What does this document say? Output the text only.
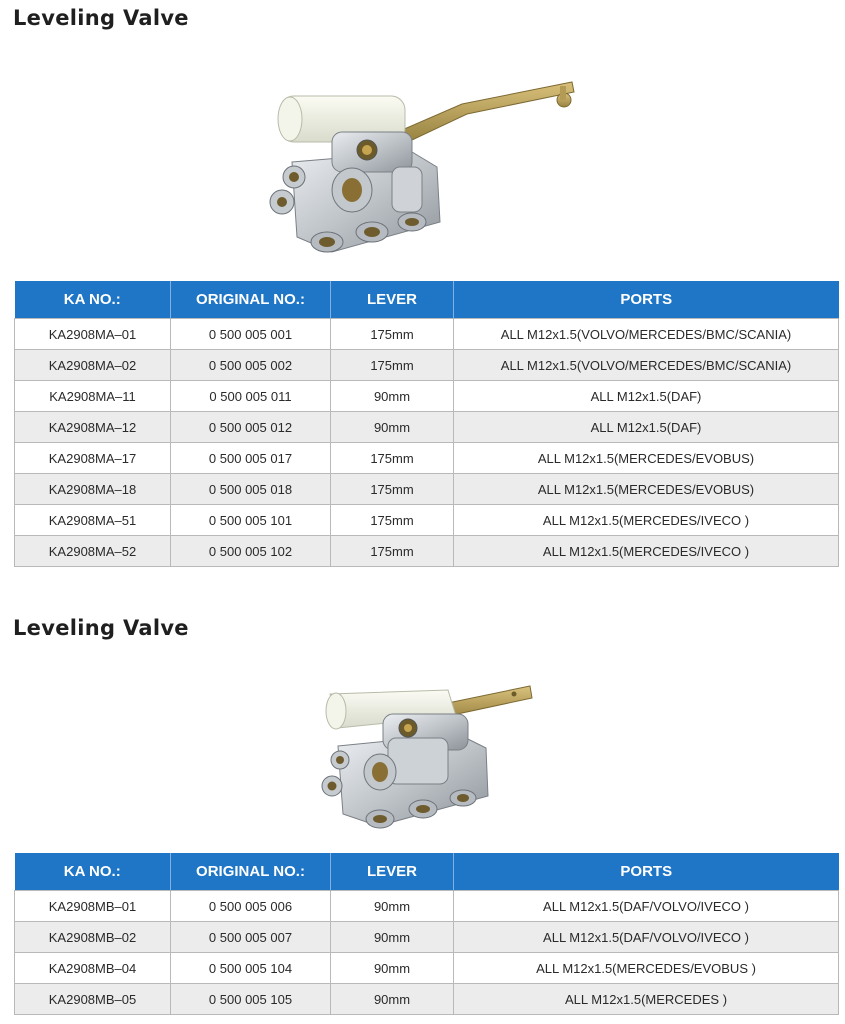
Leveling Valve
KA NO.:	ORIGINAL NO.:	LEVER	PORTS
KA2908MA–01	0 500 005 001	175mm	ALL M12x1.5(VOLVO/MERCEDES/BMC/SCANIA)
KA2908MA–02	0 500 005 002	175mm	ALL M12x1.5(VOLVO/MERCEDES/BMC/SCANIA)
KA2908MA–11	0 500 005 011	90mm	ALL M12x1.5(DAF)
KA2908MA–12	0 500 005 012	90mm	ALL M12x1.5(DAF)
KA2908MA–17	0 500 005 017	175mm	ALL M12x1.5(MERCEDES/EVOBUS)
KA2908MA–18	0 500 005 018	175mm	ALL M12x1.5(MERCEDES/EVOBUS)
KA2908MA–51	0 500 005 101	175mm	ALL M12x1.5(MERCEDES/IVECO )
KA2908MA–52	0 500 005 102	175mm	ALL M12x1.5(MERCEDES/IVECO )
Leveling Valve
KA NO.:	ORIGINAL NO.:	LEVER	PORTS
KA2908MB–01	0 500 005 006	90mm	ALL M12x1.5(DAF/VOLVO/IVECO )
KA2908MB–02	0 500 005 007	90mm	ALL M12x1.5(DAF/VOLVO/IVECO )
KA2908MB–04	0 500 005 104	90mm	ALL M12x1.5(MERCEDES/EVOBUS )
KA2908MB–05	0 500 005 105	90mm	ALL M12x1.5(MERCEDES )
